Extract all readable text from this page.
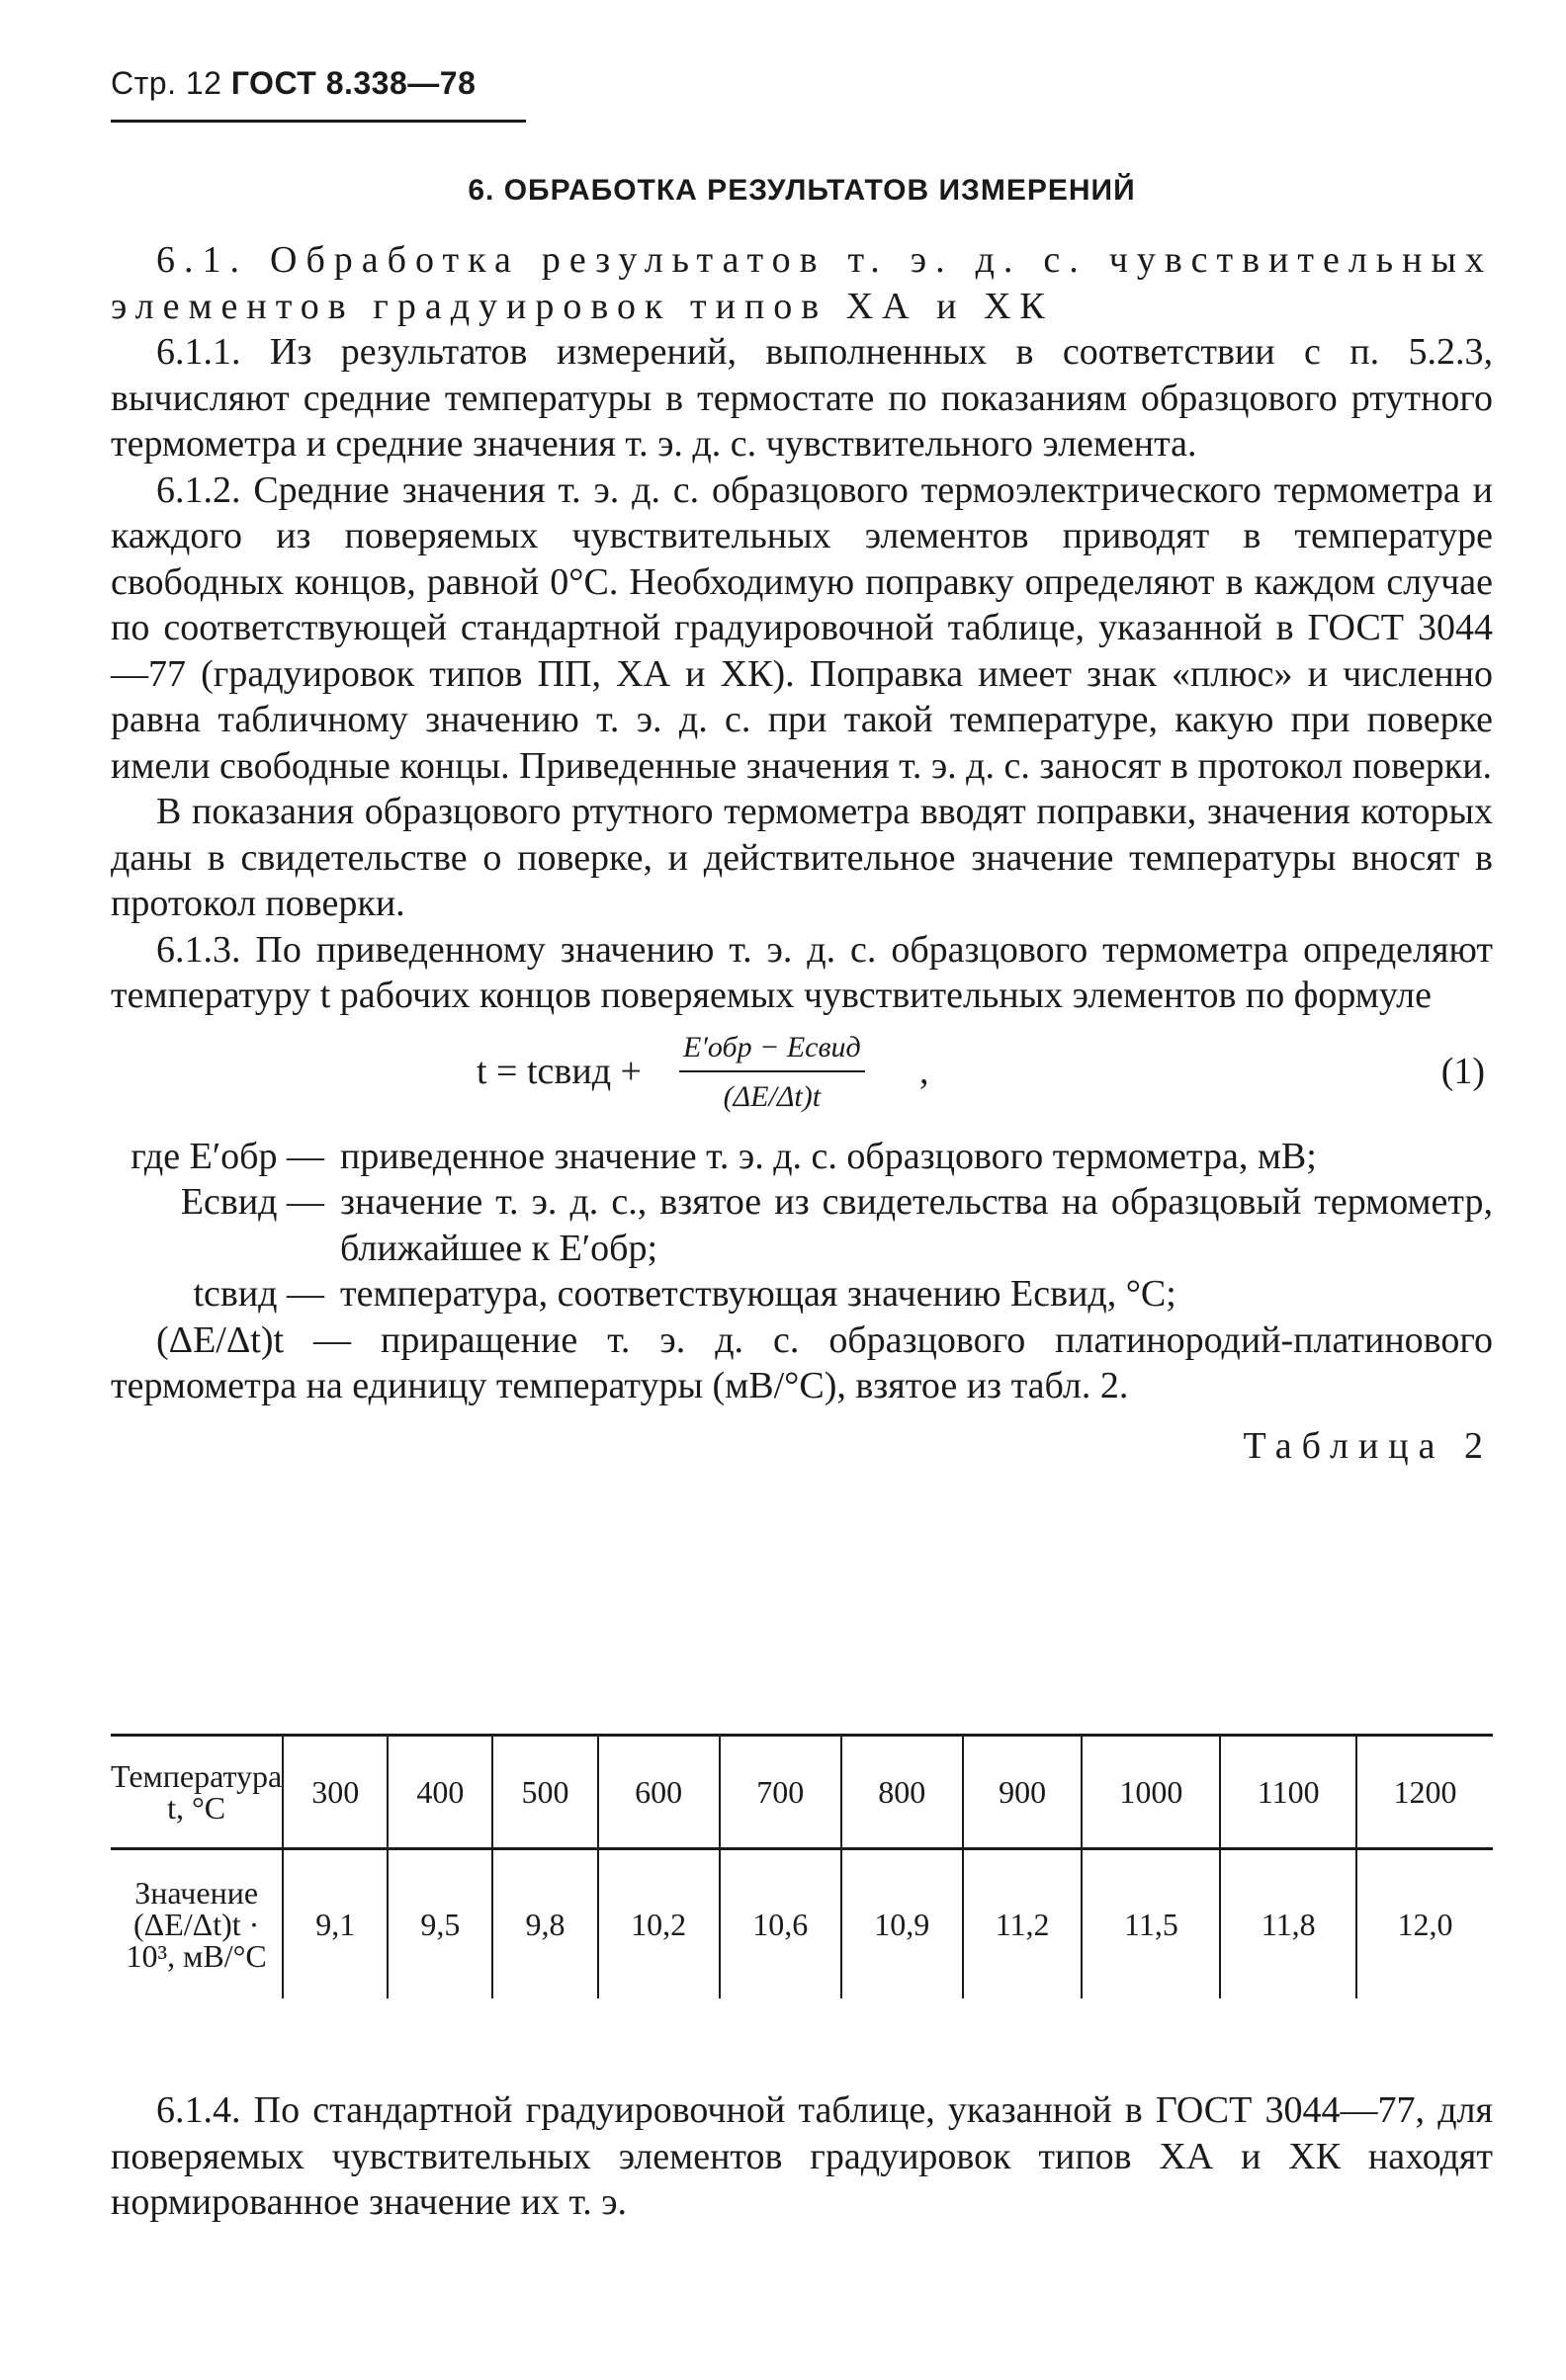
Стр. 12 ГОСТ 8.338—78
6. ОБРАБОТКА РЕЗУЛЬТАТОВ ИЗМЕРЕНИЙ

6.1. Обработка результатов т. э. д. с. чувствительных элементов градуировок типов ХА и ХК

6.1.1. Из результатов измерений, выполненных в соответствии с п. 5.2.3, вычисляют средние температуры в термостате по показаниям образцового ртутного термометра и средние значения т. э. д. с. чувствительного элемента.

6.1.2. Средние значения т. э. д. с. образцового термоэлектрического термометра и каждого из поверяемых чувствительных элементов приводят в температуре свободных концов, равной 0°С. Необходимую поправку определяют в каждом случае по соответствующей стандартной градуировочной таблице, указанной в ГОСТ 3044—77 (градуировок типов ПП, ХА и ХК). Поправка имеет знак «плюс» и численно равна табличному значению т. э. д. с. при такой температуре, какую при поверке имели свободные концы. Приведенные значения т. э. д. с. заносят в протокол поверки.

В показания образцового ртутного термометра вводят поправки, значения которых даны в свидетельстве о поверке, и действительное значение температуры вносят в протокол поверки.

6.1.3. По приведенному значению т. э. д. с. образцового термометра определяют температуру t рабочих концов поверяемых чувствительных элементов по формуле

t = tсвид +
E′обр − Eсвид
(ΔE/Δt)t
,	(1)
где E′обр — приведенное значение т. э. д. с. образцового термометра, мВ;
Eсвид — значение т. э. д. с., взятое из свидетельства на образцовый термометр, ближайшее к E′обр;
tсвид — температура, соответствующая значению Eсвид, °С;

(ΔE/Δt)t — приращение т. э. д. с. образцового платинородий-платинового термометра на единицу температуры (мВ/°С), взятое из табл. 2.

Таблица 2
Температура t, °С	300	400	500	600	700	800	900	1000	1100	1200
Значение (ΔE/Δt)t · 10³, мВ/°С	9,1	9,5	9,8	10,2	10,6	10,9	11,2	11,5	11,8	12,0

6.1.4. По стандартной градуировочной таблице, указанной в ГОСТ 3044—77, для поверяемых чувствительных элементов градуировок типов ХА и ХК находят нормированное значение их т. э.
